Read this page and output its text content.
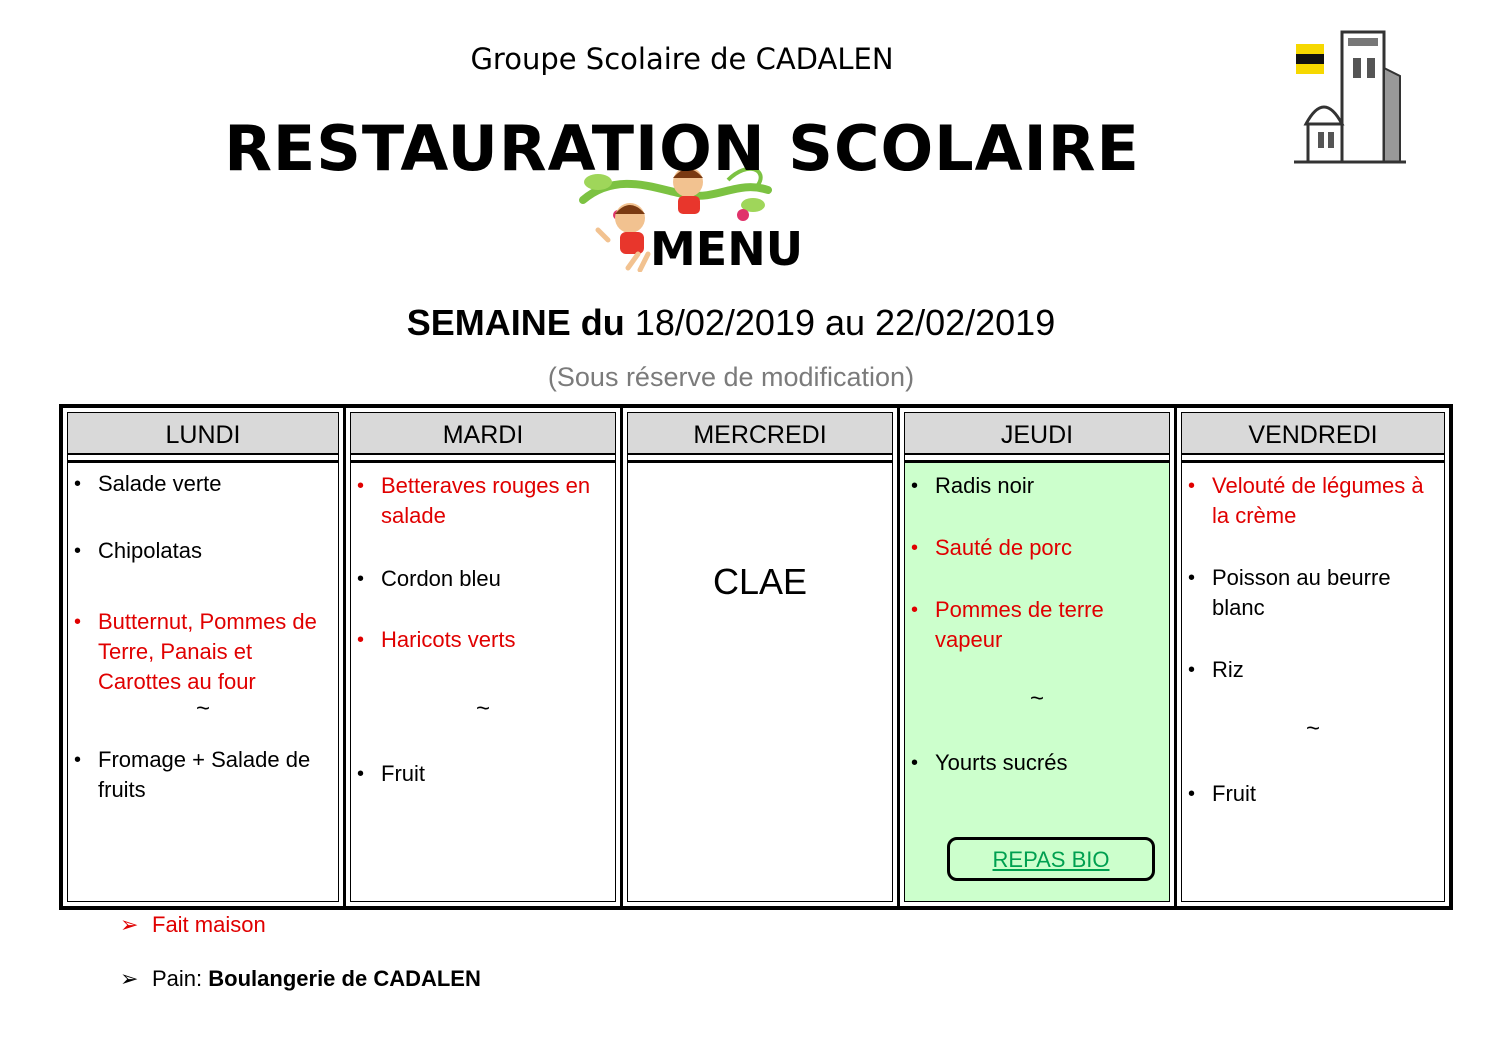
Groupe Scolaire de CADALEN
RESTAURATION SCOLAIRE
MENU
SEMAINE du 18/02/2019 au 22/02/2019
(Sous réserve de modification)
LUNDI
• Salade verte
• Chipolatas
• Butternut, Pommes de Terre, Panais et Carottes au four
~
• Fromage + Salade de fruits
MARDI
• Betteraves rouges en salade
• Cordon bleu
• Haricots verts
~
• Fruit
MERCREDI
CLAE
JEUDI
• Radis noir
• Sauté de porc
• Pommes de terre vapeur
~
• Yourts sucrés
REPAS BIO
VENDREDI
• Velouté de légumes à la crème
• Poisson au beurre blanc
• Riz
~
• Fruit
➢ Fait maison
➢ Pain: Boulangerie de CADALEN
